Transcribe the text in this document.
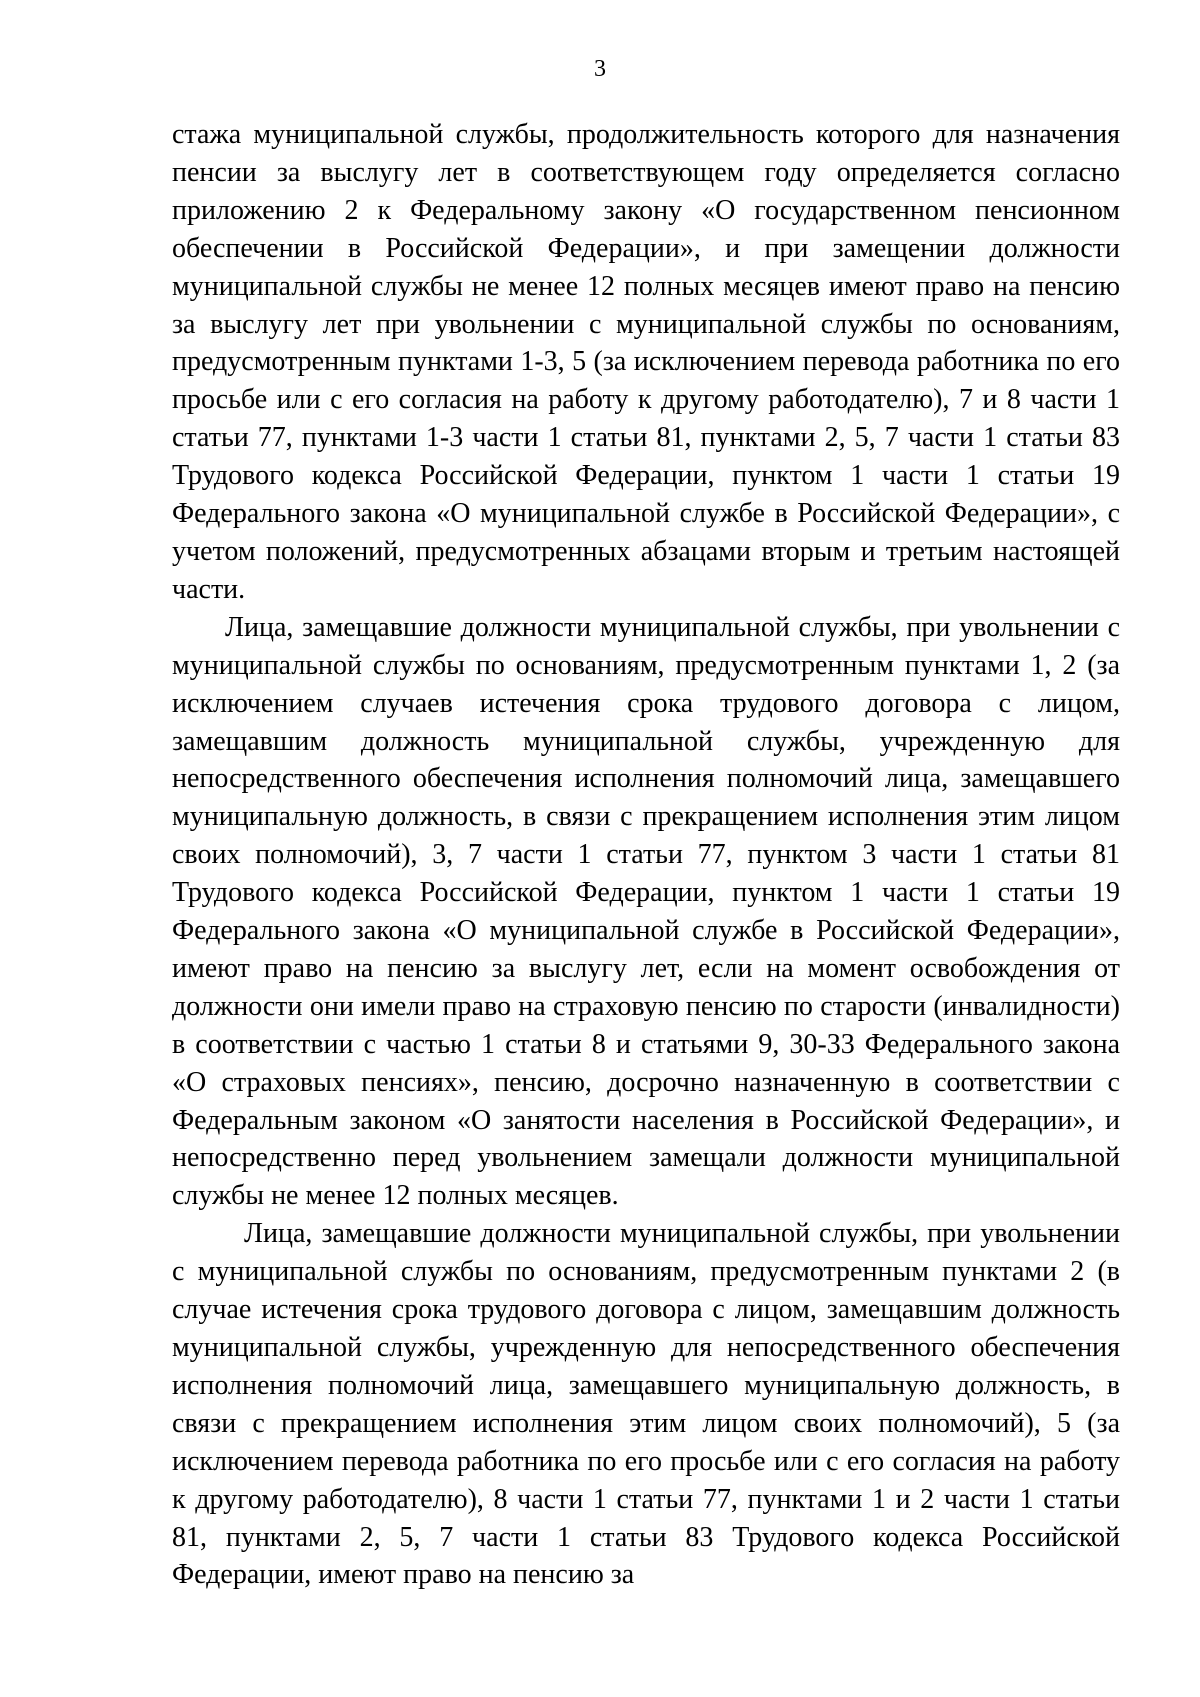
3

стажа муниципальной службы, продолжительность которого для назначения пенсии за выслугу лет в соответствующем году определяется согласно приложению 2 к Федеральному закону «О государственном пенсионном обеспечении в Российской Федерации», и при замещении должности муниципальной службы не менее 12 полных месяцев имеют право на пенсию за выслугу лет при увольнении с муниципальной службы по основаниям, предусмотренным пунктами 1-3, 5 (за исключением перевода работника по его просьбе или с его согласия на работу к другому работодателю), 7 и 8 части 1 статьи 77, пунктами 1-3 части 1 статьи 81, пунктами 2, 5, 7 части 1 статьи 83 Трудового кодекса Российской Федерации, пунктом 1 части 1 статьи 19 Федерального закона «О муниципальной службе в Российской Федерации», с учетом положений, предусмотренных абзацами вторым и третьим настоящей части.

Лица, замещавшие должности муниципальной службы, при увольнении с муниципальной службы по основаниям, предусмотренным пунктами 1, 2 (за исключением случаев истечения срока трудового договора с лицом, замещавшим должность муниципальной службы, учрежденную для непосредственного обеспечения исполнения полномочий лица, замещавшего муниципальную должность, в связи с прекращением исполнения этим лицом своих полномочий), 3, 7 части 1 статьи 77, пунктом 3 части 1 статьи 81 Трудового кодекса Российской Федерации, пунктом 1 части 1 статьи 19 Федерального закона «О муниципальной службе в Российской Федерации», имеют право на пенсию за выслугу лет, если на момент освобождения от должности они имели право на страховую пенсию по старости (инвалидности) в соответствии с частью 1 статьи 8 и статьями 9, 30-33 Федерального закона «О страховых пенсиях», пенсию, досрочно назначенную в соответствии с Федеральным законом «О занятости населения в Российской Федерации», и непосредственно перед увольнением замещали должности муниципальной службы не менее 12 полных месяцев.

Лица, замещавшие должности муниципальной службы, при увольнении с муниципальной службы по основаниям, предусмотренным пунктами 2 (в случае истечения срока трудового договора с лицом, замещавшим должность муниципальной службы, учрежденную для непосредственного обеспечения исполнения полномочий лица, замещавшего муниципальную должность, в связи с прекращением исполнения этим лицом своих полномочий), 5 (за исключением перевода работника по его просьбе или с его согласия на работу к другому работодателю), 8 части 1 статьи 77, пунктами 1 и 2 части 1 статьи 81, пунктами 2, 5, 7 части 1 статьи 83 Трудового кодекса Российской Федерации, имеют право на пенсию за
